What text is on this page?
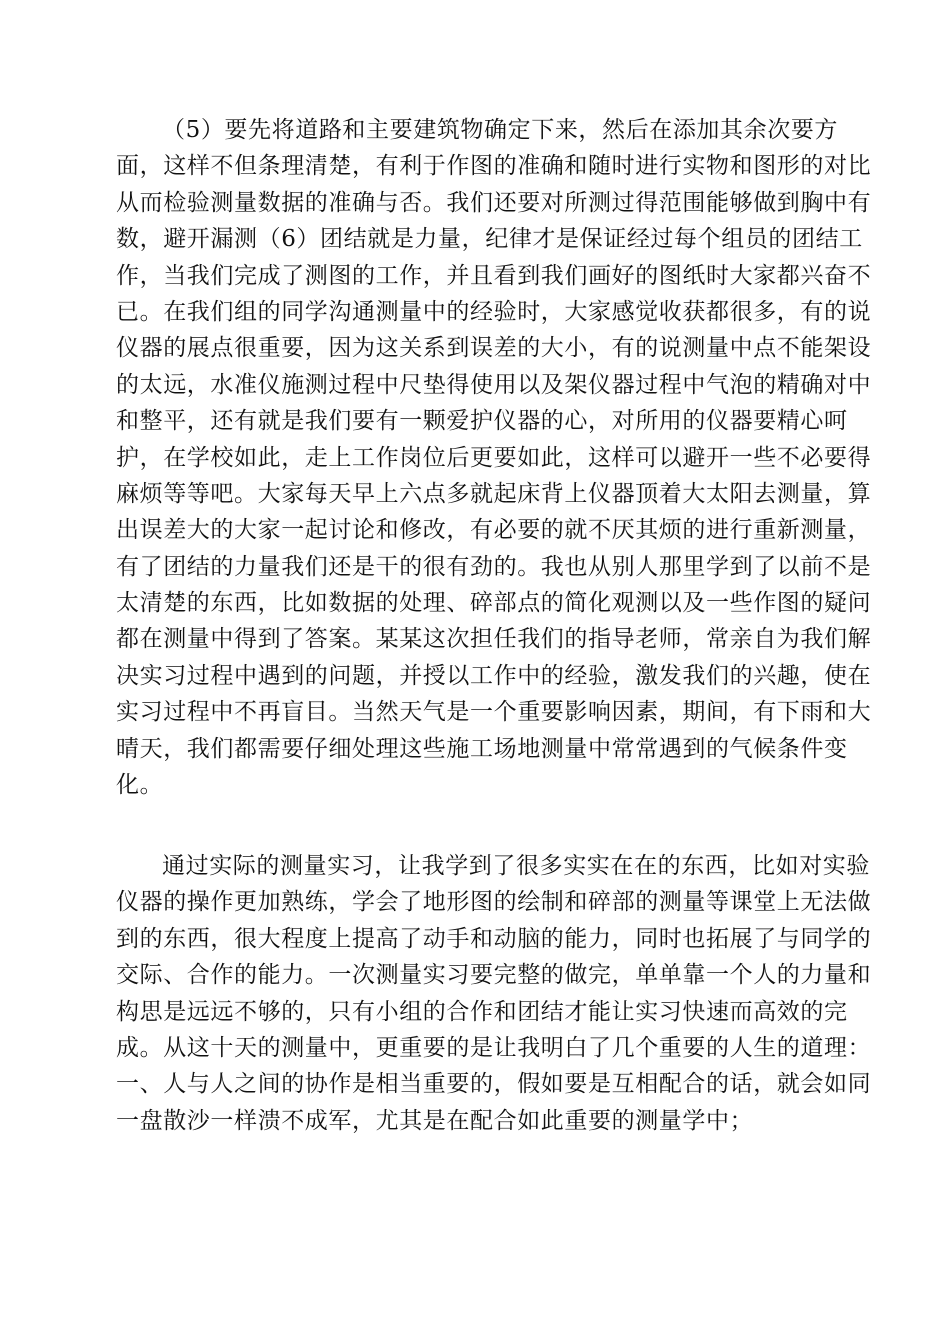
（5）要先将道路和主要建筑物确定下来，然后在添加其余次要方
面，这样不但条理清楚，有利于作图的准确和随时进行实物和图形的对比
从而检验测量数据的准确与否。我们还要对所测过得范围能够做到胸中有
数，避开漏测（6）团结就是力量，纪律才是保证经过每个组员的团结工
作，当我们完成了测图的工作，并且看到我们画好的图纸时大家都兴奋不
已。在我们组的同学沟通测量中的经验时，大家感觉收获都很多，有的说
仪器的展点很重要，因为这关系到误差的大小，有的说测量中点不能架设
的太远，水准仪施测过程中尺垫得使用以及架仪器过程中气泡的精确对中
和整平，还有就是我们要有一颗爱护仪器的心，对所用的仪器要精心呵
护，在学校如此，走上工作岗位后更要如此，这样可以避开一些不必要得
麻烦等等吧。大家每天早上六点多就起床背上仪器顶着大太阳去测量，算
出误差大的大家一起讨论和修改，有必要的就不厌其烦的进行重新测量，
有了团结的力量我们还是干的很有劲的。我也从别人那里学到了以前不是
太清楚的东西，比如数据的处理、碎部点的简化观测以及一些作图的疑问
都在测量中得到了答案。某某这次担任我们的指导老师，常亲自为我们解
决实习过程中遇到的问题，并授以工作中的经验，激发我们的兴趣，使在
实习过程中不再盲目。当然天气是一个重要影响因素，期间，有下雨和大
晴天，我们都需要仔细处理这些施工场地测量中常常遇到的气候条件变
化。
通过实际的测量实习，让我学到了很多实实在在的东西，比如对实验
仪器的操作更加熟练，学会了地形图的绘制和碎部的测量等课堂上无法做
到的东西，很大程度上提高了动手和动脑的能力，同时也拓展了与同学的
交际、合作的能力。一次测量实习要完整的做完，单单靠一个人的力量和
构思是远远不够的，只有小组的合作和团结才能让实习快速而高效的完
成。从这十天的测量中，更重要的是让我明白了几个重要的人生的道理：
一、人与人之间的协作是相当重要的，假如要是互相配合的话，就会如同
一盘散沙一样溃不成军，尤其是在配合如此重要的测量学中；
